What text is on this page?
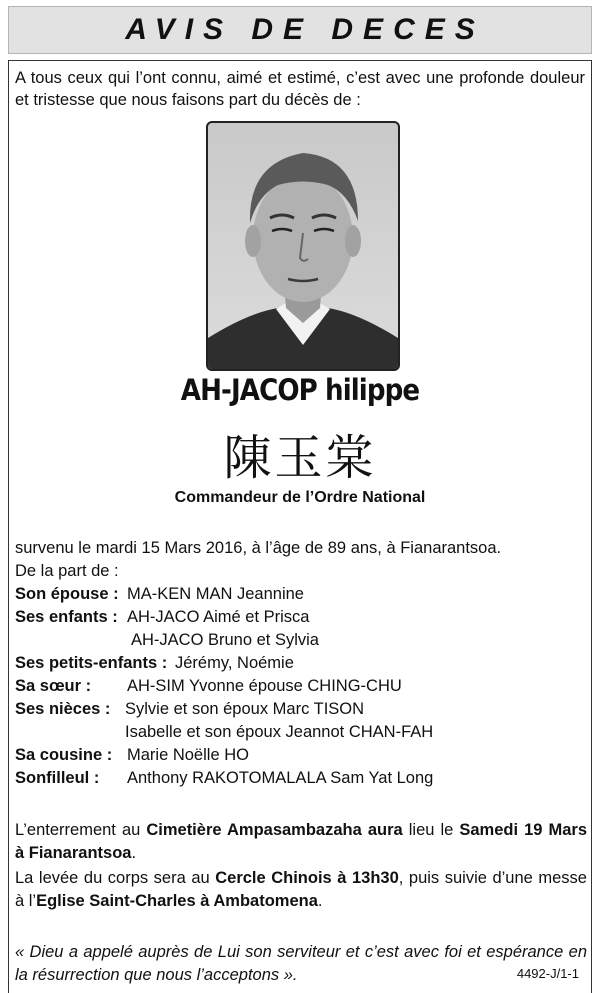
AVIS DE DECES

A tous ceux qui l’ont connu, aimé et estimé, c’est avec une profonde douleur et tristesse que nous faisons part du décès de :

AH-JACOP hilippe

陳玉棠

Commandeur de l’Ordre National

survenu le mardi 15 Mars 2016, à l’âge de 89 ans, à Fianarantsoa.
De la part de :
Son épouse : MA-KEN MAN Jeannine
Ses enfants : AH-JACO Aimé et Prisca
AH-JACO Bruno et Sylvia
Ses petits-enfants : Jérémy, Noémie
Sa sœur : AH-SIM Yvonne épouse CHING-CHU
Ses nièces : Sylvie et son époux Marc TISON
Isabelle et son époux Jeannot CHAN-FAH
Sa cousine : Marie Noëlle HO
Sonfilleul : Anthony RAKOTOMALALA Sam Yat Long

L’enterrement au Cimetière Ampasambazaha aura lieu le Samedi 19 Mars à Fianarantsoa.

La levée du corps sera au Cercle Chinois à 13h30, puis suivie d’une messe à l’Eglise Saint-Charles à Ambatomena.

« Dieu a appelé auprès de Lui son serviteur et c’est avec foi et espérance en la résurrection que nous l’acceptons ».	4492-J/1-1
